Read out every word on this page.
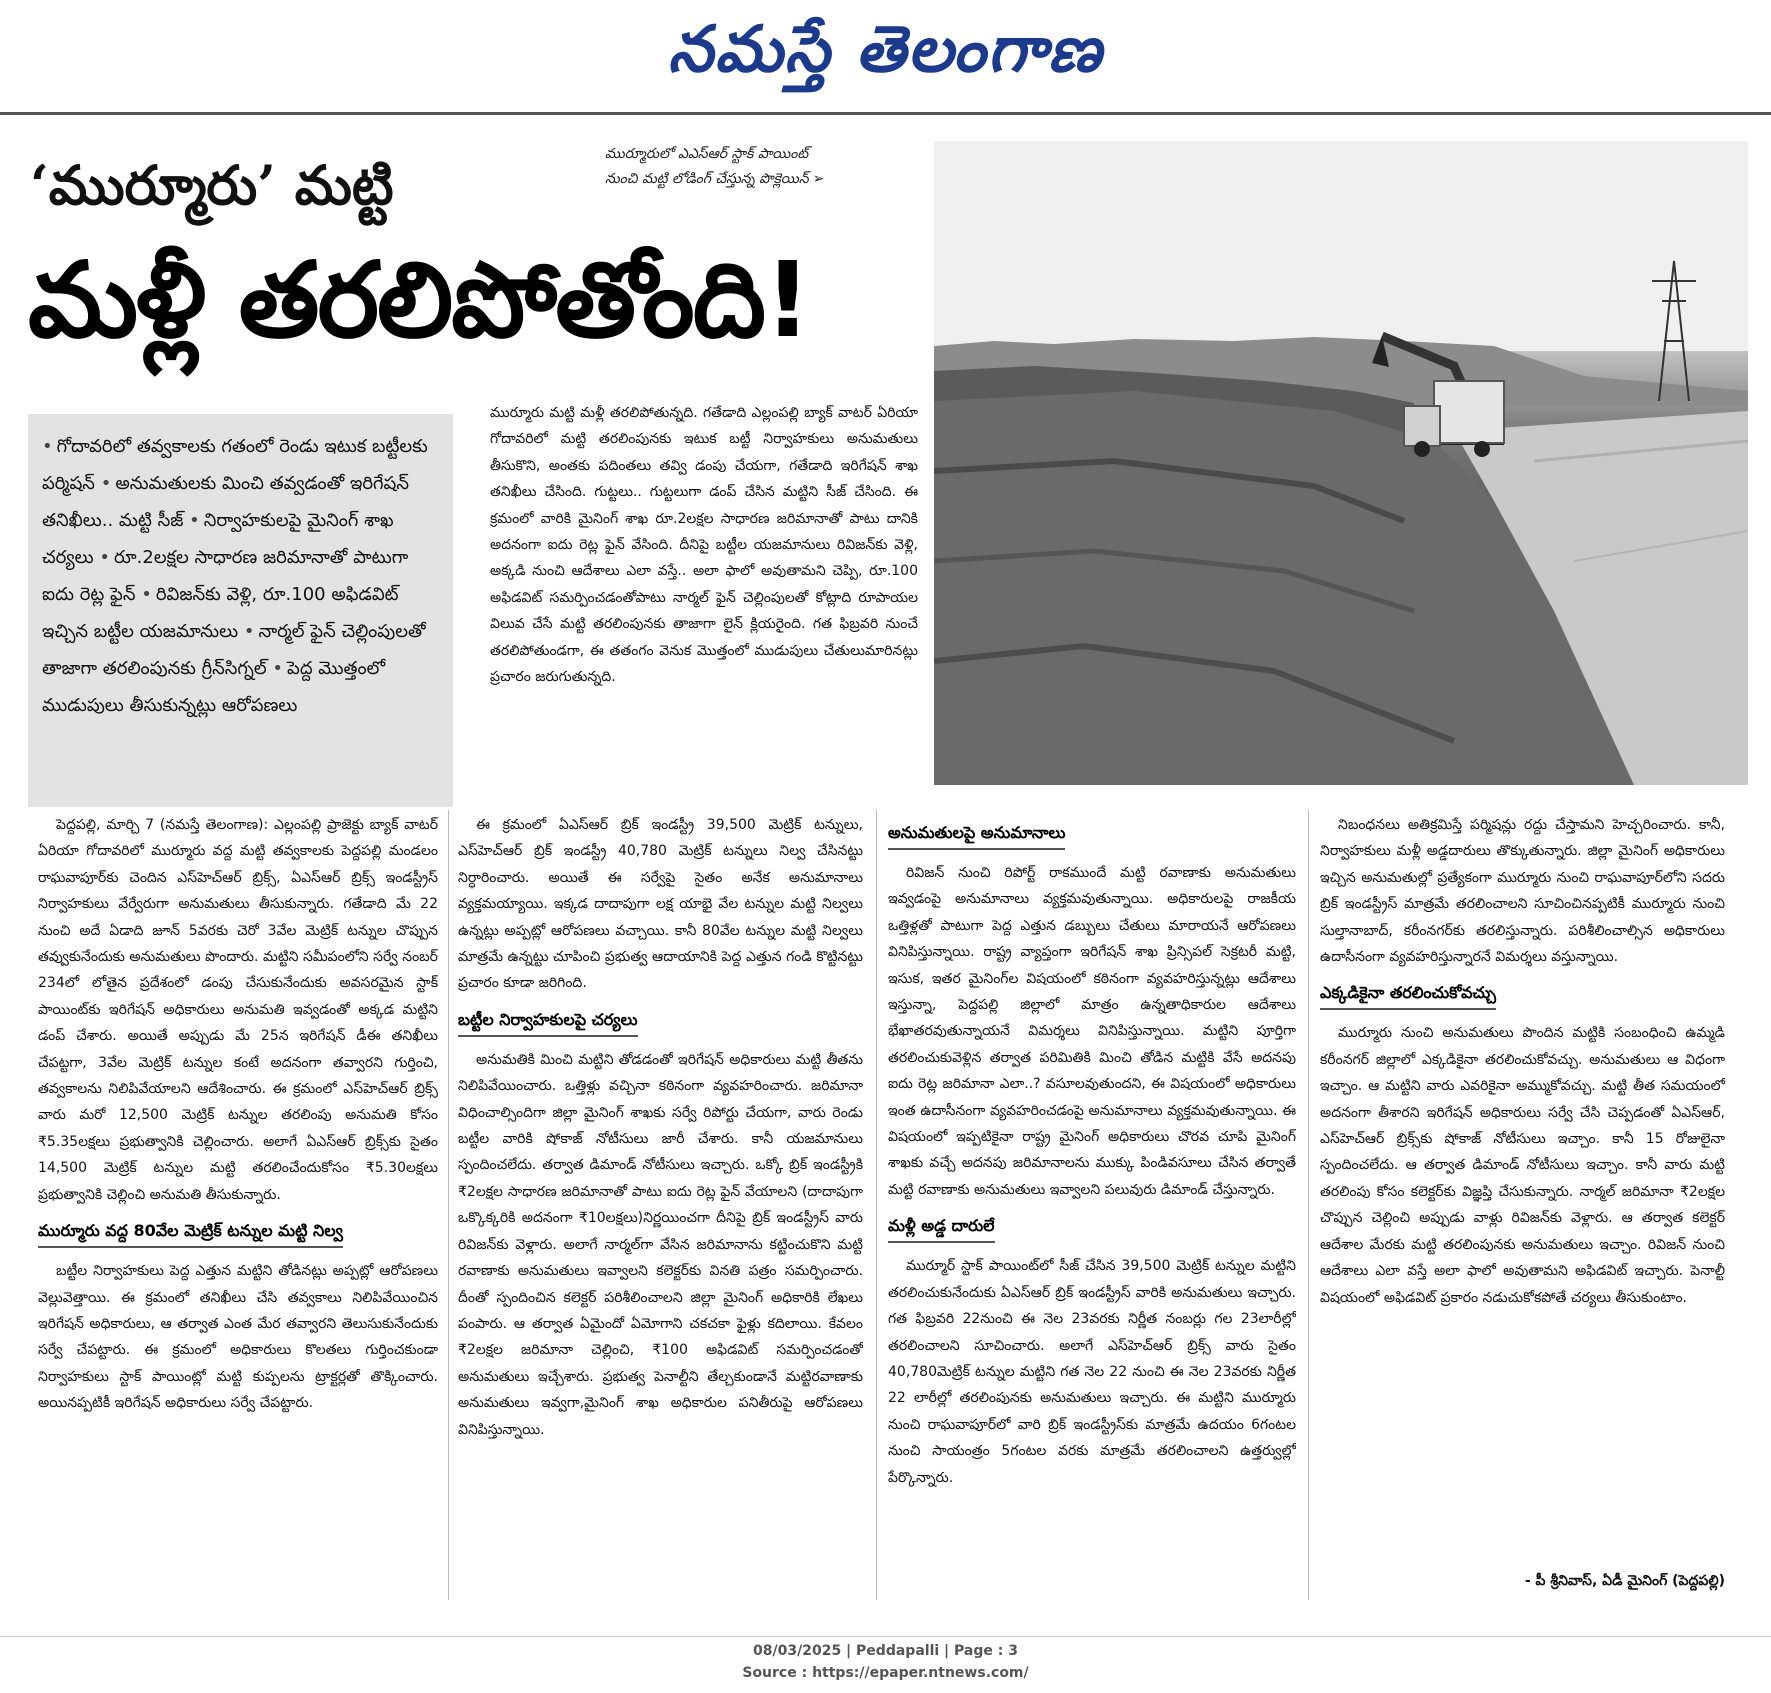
నమస్తే తెలంగాణ
‘ముర్మూరు’ మట్టి
మళ్లీ తరలిపోతోంది!
ముర్మూరులో ఎఎస్ఆర్ స్టాక్ పాయింట్
నుంచి మట్టి లోడింగ్ చేస్తున్న పొక్లెయిన్ ➢

• గోదావరిలో తవ్వకాలకు గతంలో రెండు ఇటుక బట్టీలకు పర్మిషన్ • అనుమతులకు మించి తవ్వడంతో ఇరిగేషన్ తనిఖీలు.. మట్టి సీజ్ • నిర్వాహకులపై మైనింగ్ శాఖ చర్యలు • రూ.2లక్షల సాధారణ జరిమానాతో పాటుగా ఐదు రెట్ల ఫైన్ • రివిజన్‌కు వెళ్లి, రూ.100 అఫిడవిట్ ఇచ్చిన బట్టీల యజమానులు • నార్మల్ ఫైన్ చెల్లింపులతో తాజాగా తరలింపునకు గ్రీన్‌సిగ్నల్ • పెద్ద మొత్తంలో ముడుపులు తీసుకున్నట్లు ఆరోపణలు

ముర్మూరు మట్టి మళ్లీ తరలిపోతున్నది. గతేడాది ఎల్లంపల్లి బ్యాక్ వాటర్ ఏరియా గోదావరిలో మట్టి తరలింపునకు ఇటుక బట్టీ నిర్వాహకులు అనుమతులు తీసుకొని, అంతకు పదింతలు తవ్వి డంపు చేయగా, గతేడాది ఇరిగేషన్ శాఖ తనిఖీలు చేసింది. గుట్టలు.. గుట్టలుగా డంప్ చేసిన మట్టిని సీజ్ చేసింది. ఈ క్రమంలో వారికి మైనింగ్ శాఖ రూ.2లక్షల సాధారణ జరిమానాతో పాటు దానికి అదనంగా ఐదు రెట్ల ఫైన్ వేసింది. దీనిపై బట్టీల యజమానులు రివిజన్‌కు వెళ్లి, అక్కడి నుంచి ఆదేశాలు ఎలా వస్తే.. అలా ఫాలో అవుతామని చెప్పి, రూ.100 అఫిడవిట్ సమర్పించడంతోపాటు నార్మల్ ఫైన్ చెల్లింపులతో కోట్లాది రూపాయల విలువ చేసే మట్టి తరలింపునకు తాజాగా లైన్ క్లియరైంది. గత ఫిబ్రవరి నుంచే తరలిపోతుండగా, ఈ తతంగం వెనుక మొత్తంలో ముడుపులు చేతులుమారినట్లు ప్రచారం జరుగుతున్నది.

పెద్దపల్లి, మార్చి 7 (నమస్తే తెలంగాణ): ఎల్లంపల్లి ప్రాజెక్టు బ్యాక్ వాటర్ ఏరియా గోదావరిలో ముర్మూరు వద్ద మట్టి తవ్వకాలకు పెద్దపల్లి మండలం రాఘవాపూర్‌కు చెందిన ఎస్‌హెచ్‌ఆర్ బ్రిక్స్, ఏఎస్‌ఆర్ బ్రిక్స్ ఇండస్ట్రీస్ నిర్వాహకులు వేర్వేరుగా అనుమతులు తీసుకున్నారు. గతేడాది మే 22 నుంచి అదే ఏడాది జూన్ 5వరకు చెరో 3వేల మెట్రిక్ టన్నుల చొప్పున తవ్వుకునేందుకు అనుమతులు పొందారు. మట్టిని సమీపంలోని సర్వే నంబర్ 234లో లోతైన ప్రదేశంలో డంపు చేసుకునేందుకు అవసరమైన స్టాక్ పాయింట్‌కు ఇరిగేషన్ అధికారులు అనుమతి ఇవ్వడంతో అక్కడ మట్టిని డంప్ చేశారు. అయితే అప్పుడు మే 25న ఇరిగేషన్ డీఈ తనిఖీలు చేపట్టగా, 3వేల మెట్రిక్ టన్నుల కంటే అదనంగా తవ్వారని గుర్తించి, తవ్వకాలను నిలిపివేయాలని ఆదేశించారు. ఈ క్రమంలో ఎస్‌హెచ్‌ఆర్ బ్రిక్స్ వారు మరో 12,500 మెట్రిక్ టన్నుల తరలింపు అనుమతి కోసం ₹5.35లక్షలు ప్రభుత్వానికి చెల్లించారు. అలాగే ఏఎస్‌ఆర్ బ్రిక్స్‌కు సైతం 14,500 మెట్రిక్ టన్నుల మట్టి తరలించేందుకోసం ₹5.30లక్షలు ప్రభుత్వానికి చెల్లించి అనుమతి తీసుకున్నారు.

ముర్మూరు వద్ద 80వేల మెట్రిక్ టన్నుల మట్టి నిల్వ

బట్టీల నిర్వాహకులు పెద్ద ఎత్తున మట్టిని తోడినట్లు అప్పట్లో ఆరోపణలు వెల్లువెత్తాయి. ఈ క్రమంలో తనిఖీలు చేసి తవ్వకాలు నిలిపివేయించిన ఇరిగేషన్ అధికారులు, ఆ తర్వాత ఎంత మేర తవ్వారని తెలుసుకునేందుకు సర్వే చేపట్టారు. ఈ క్రమంలో అధికారులు కొలతలు గుర్తించకుండా నిర్వాహకులు స్టాక్ పాయింట్లో మట్టి కుప్పలను ట్రాక్టర్లతో తొక్కించారు. అయినప్పటికీ ఇరిగేషన్ అధికారులు సర్వే చేపట్టారు.

ఈ క్రమంలో ఏఎస్‌ఆర్ బ్రిక్ ఇండస్ట్రీ 39,500 మెట్రిక్ టన్నులు, ఎస్‌హెచ్‌ఆర్ బ్రిక్ ఇండస్ట్రీ 40,780 మెట్రిక్ టన్నులు నిల్వ చేసినట్టు నిర్ధారించారు. అయితే ఈ సర్వేపై సైతం అనేక అనుమానాలు వ్యక్తమయ్యాయి. ఇక్కడ దాదాపుగా లక్ష యాభై వేల టన్నుల మట్టి నిల్వలు ఉన్నట్లు అప్పట్లో ఆరోపణలు వచ్చాయి. కానీ 80వేల టన్నుల మట్టి నిల్వలు మాత్రమే ఉన్నట్టు చూపించి ప్రభుత్వ ఆదాయానికి పెద్ద ఎత్తున గండి కొట్టినట్టు ప్రచారం కూడా జరిగింది.

బట్టీల నిర్వాహకులపై చర్యలు

అనుమతికి మించి మట్టిని తోడడంతో ఇరిగేషన్ అధికారులు మట్టి తీతను నిలిపివేయించారు. ఒత్తిళ్లు వచ్చినా కఠినంగా వ్యవహరించారు. జరిమానా విధించాల్సిందిగా జిల్లా మైనింగ్ శాఖకు సర్వే రిపోర్టు చేయగా, వారు రెండు బట్టీల వారికి షోకాజ్ నోటీసులు జారీ చేశారు. కానీ యజమానులు స్పందించలేదు. తర్వాత డిమాండ్ నోటీసులు ఇచ్చారు. ఒక్కో బ్రిక్ ఇండస్ట్రీకి ₹2లక్షల సాధారణ జరిమానాతో పాటు ఐదు రెట్ల ఫైన్ వేయాలని (దాదాపుగా ఒక్కొక్కరికి అదనంగా ₹10లక్షలు)నిర్ణయించగా దీనిపై బ్రిక్ ఇండస్ట్రీస్ వారు రివిజన్‌కు వెళ్లారు. అలాగే నార్మల్‌గా వేసిన జరిమానాను కట్టించుకొని మట్టి రవాణాకు అనుమతులు ఇవ్వాలని కలెక్టర్‌కు వినతి పత్రం సమర్పించారు. దీంతో స్పందించిన కలెక్టర్ పరిశీలించాలని జిల్లా మైనింగ్ అధికారికి లేఖలు పంపారు. ఆ తర్వాత ఏమైందో ఏమోగాని చకచకా ఫైళ్లు కదిలాయి. కేవలం ₹2లక్షల జరిమానా చెల్లించి, ₹100 అఫిడవిట్ సమర్పించడంతో అనుమతులు ఇచ్చేశారు. ప్రభుత్వ పెనాల్టీని తేల్చకుండానే మట్టిరవాణాకు అనుమతులు ఇవ్వగా,మైనింగ్ శాఖ అధికారుల పనితీరుపై ఆరోపణలు వినిపిస్తున్నాయి.

అనుమతులపై అనుమానాలు

రివిజన్ నుంచి రిపోర్ట్ రాకముందే మట్టి రవాణాకు అనుమతులు ఇవ్వడంపై అనుమానాలు వ్యక్తమవుతున్నాయి. అధికారులపై రాజకీయ ఒత్తిళ్లతో పాటుగా పెద్ద ఎత్తున డబ్బులు చేతులు మారాయనే ఆరోపణలు వినిపిస్తున్నాయి. రాష్ట్ర వ్యాప్తంగా ఇరిగేషన్ శాఖ ప్రిన్సిపల్ సెక్రటరీ మట్టి, ఇసుక, ఇతర మైనింగ్‌ల విషయంలో కఠినంగా వ్యవహరిస్తున్నట్లు ఆదేశాలు ఇస్తున్నా, పెద్దపల్లి జిల్లాలో మాత్రం ఉన్నతాధికారుల ఆదేశాలు భేఖాతరవుతున్నాయనే విమర్శలు వినిపిస్తున్నాయి. మట్టిని పూర్తిగా తరలించుకువెళ్లిన తర్వాత పరిమితికి మించి తోడిన మట్టికి వేసే అదనపు ఐదు రెట్ల జరిమానా ఎలా..? వసూలవుతుందని, ఈ విషయంలో అధికారులు ఇంత ఉదాసీనంగా వ్యవహరించడంపై అనుమానాలు వ్యక్తమవుతున్నాయి. ఈ విషయంలో ఇప్పటికైనా రాష్ట్ర మైనింగ్ అధికారులు చొరవ చూపి మైనింగ్ శాఖకు వచ్చే అదనపు జరిమానాలను ముక్కు పిండివసూలు చేసిన తర్వాతే మట్టి రవాణాకు అనుమతులు ఇవ్వాలని పలువురు డిమాండ్ చేస్తున్నారు.

మళ్లీ అడ్డ దారులే

ముర్మూర్ స్టాక్ పాయింట్‌లో సీజ్ చేసిన 39,500 మెట్రిక్ టన్నుల మట్టిని తరలించుకునేందుకు ఏఎస్‌ఆర్ బ్రిక్ ఇండస్ట్రీస్ వారికి అనుమతులు ఇచ్చారు. గత ఫిబ్రవరి 22నుంచి ఈ నెల 23వరకు నిర్ణీత నంబర్లు గల 23లారీల్లో తరలించాలని సూచించారు. అలాగే ఎస్‌హెచ్‌ఆర్ బ్రిక్స్ వారు సైతం 40,780మెట్రిక్ టన్నుల మట్టిని గత నెల 22 నుంచి ఈ నెల 23వరకు నిర్ణీత 22 లారీల్లో తరలింపునకు అనుమతులు ఇచ్చారు. ఈ మట్టిని ముర్మూరు నుంచి రాఘవాపూర్‌లో వారి బ్రిక్ ఇండస్ట్రీస్‌కు మాత్రమే ఉదయం 6గంటల నుంచి సాయంత్రం 5గంటల వరకు మాత్రమే తరలించాలని ఉత్తర్వుల్లో పేర్కొన్నారు.

నిబంధనలు అతిక్రమిస్తే పర్మిషన్లు రద్దు చేస్తామని హెచ్చరించారు. కానీ, నిర్వాహకులు మళ్లీ అడ్డదారులు తొక్కుతున్నారు. జిల్లా మైనింగ్ అధికారులు ఇచ్చిన అనుమతుల్లో ప్రత్యేకంగా ముర్మూరు నుంచి రాఘవాపూర్‌లోని సదరు బ్రిక్ ఇండస్ట్రీస్ మాత్రమే తరలించాలని సూచించినప్పటికీ ముర్మూరు నుంచి సుల్తానాబాద్, కరీంనగర్‌కు తరలిస్తున్నారు. పరిశీలించాల్సిన అధికారులు ఉదాసీనంగా వ్యవహరిస్తున్నారనే విమర్శలు వస్తున్నాయి.

ఎక్కడికైనా తరలించుకోవచ్చు

ముర్మూరు నుంచి అనుమతులు పొందిన మట్టికి సంబంధించి ఉమ్మడి కరీంనగర్ జిల్లాలో ఎక్కడికైనా తరలించుకోవచ్చు. అనుమతులు ఆ విధంగా ఇచ్చాం. ఆ మట్టిని వారు ఎవరికైనా అమ్ముకోవచ్చు. మట్టి తీత సమయంలో అదనంగా తీశారని ఇరిగేషన్ అధికారులు సర్వే చేసి చెప్పడంతో ఏఎస్‌ఆర్, ఎస్‌హెచ్‌ఆర్ బ్రిక్స్‌కు షోకాజ్ నోటీసులు ఇచ్చాం. కానీ 15 రోజులైనా స్పందించలేదు. ఆ తర్వాత డిమాండ్ నోటీసులు ఇచ్చాం. కానీ వారు మట్టి తరలింపు కోసం కలెక్టర్‌కు విజ్ఞప్తి చేసుకున్నారు. నార్మల్ జరిమానా ₹2లక్షల చొప్పున చెల్లించి అప్పుడు వాళ్లు రివిజన్‌కు వెళ్లారు. ఆ తర్వాత కలెక్టర్ ఆదేశాల మేరకు మట్టి తరలింపునకు అనుమతులు ఇచ్చాం. రివిజన్ నుంచి ఆదేశాలు ఎలా వస్తే అలా ఫాలో అవుతామని అఫిడవిట్ ఇచ్చారు. పెనాల్టీ విషయంలో అఫిడవిట్ ప్రకారం నడుచుకోకపోతే చర్యలు తీసుకుంటాం.

- పీ శ్రీనివాస్, ఏడీ మైనింగ్ (పెద్దపల్లి)
08/03/2025 | Peddapalli | Page : 3
Source : https://epaper.ntnews.com/
